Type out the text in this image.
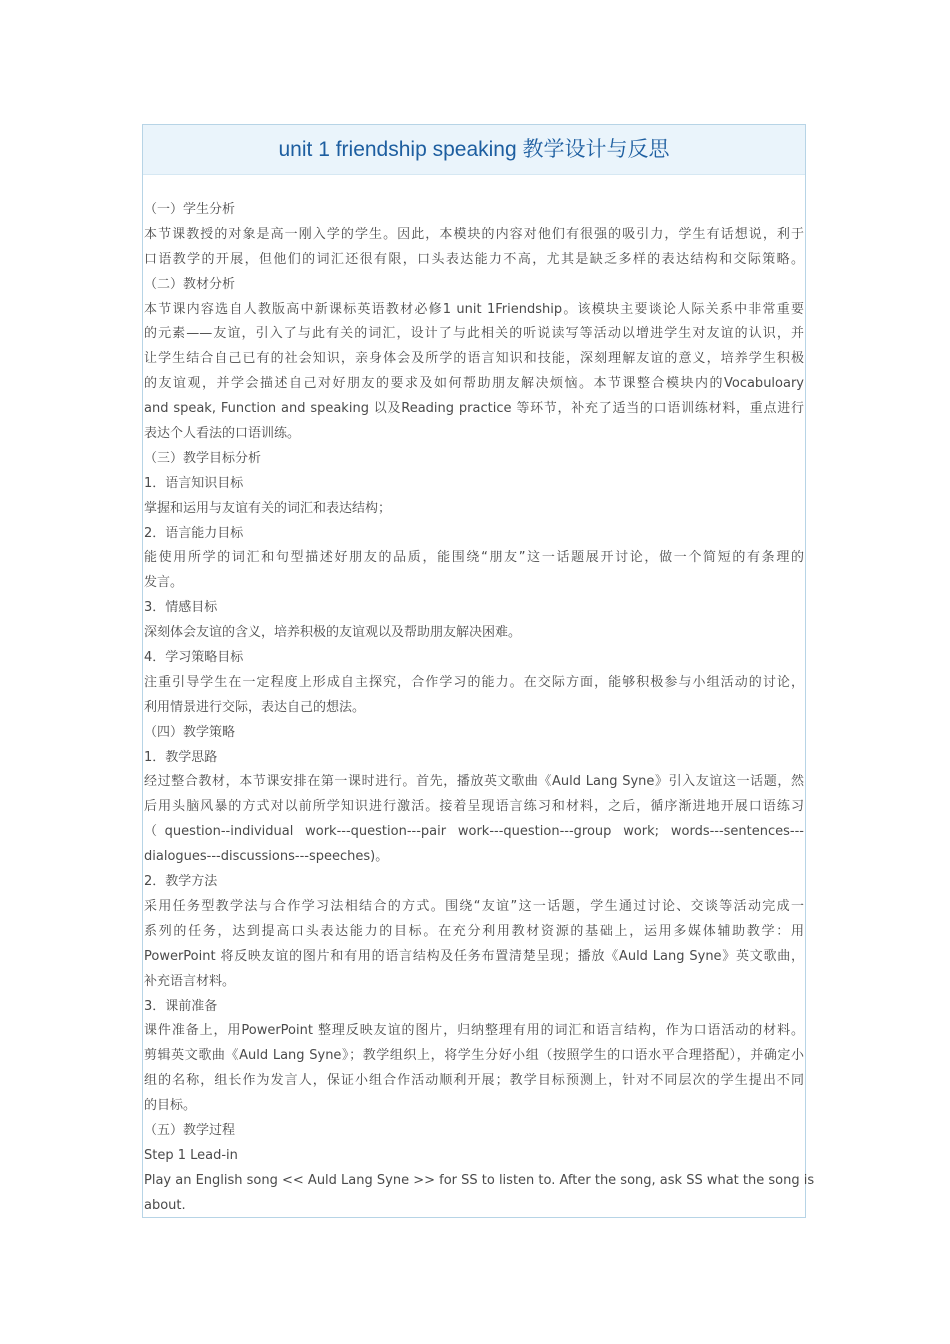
unit 1 friendship speaking 教学设计与反思
（一）学生分析
本节课教授的对象是高一刚入学的学生。因此，本模块的内容对他们有很强的吸引力，学生有话想说，利于
口语教学的开展，但他们的词汇还很有限，口头表达能力不高，尤其是缺乏多样的表达结构和交际策略。
（二）教材分析
本节课内容选自人教版高中新课标英语教材必修1 unit 1Friendship。该模块主要谈论人际关系中非常重要
的元素——友谊，引入了与此有关的词汇，设计了与此相关的听说读写等活动以增进学生对友谊的认识，并
让学生结合自己已有的社会知识，亲身体会及所学的语言知识和技能，深刻理解友谊的意义，培养学生积极
的友谊观，并学会描述自己对好朋友的要求及如何帮助朋友解决烦恼。本节课整合模块内的Vocabuloary
and speak, Function and speaking 以及Reading practice 等环节，补充了适当的口语训练材料，重点进行
表达个人看法的口语训练。
（三）教学目标分析
1．语言知识目标
掌握和运用与友谊有关的词汇和表达结构；
2．语言能力目标
能使用所学的词汇和句型描述好朋友的品质，能围绕“朋友”这一话题展开讨论，做一个简短的有条理的
发言。
3．情感目标
深刻体会友谊的含义，培养积极的友谊观以及帮助朋友解决困难。
4．学习策略目标
注重引导学生在一定程度上形成自主探究，合作学习的能力。在交际方面，能够积极参与小组活动的讨论，
利用情景进行交际，表达自己的想法。
（四）教学策略
1．教学思路
经过整合教材，本节课安排在第一课时进行。首先，播放英文歌曲《Auld Lang Syne》引入友谊这一话题，然
后用头脑风暴的方式对以前所学知识进行激活。接着呈现语言练习和材料，之后，循序渐进地开展口语练习
（question--individual work---question---pair work---question---group work; words---sentences---
dialogues---discussions---speeches)。
2．教学方法
采用任务型教学法与合作学习法相结合的方式。围绕“友谊”这一话题，学生通过讨论、交谈等活动完成一
系列的任务，达到提高口头表达能力的目标。在充分利用教材资源的基础上，运用多媒体辅助教学：用
PowerPoint 将反映友谊的图片和有用的语言结构及任务布置清楚呈现；播放《Auld Lang Syne》英文歌曲，
补充语言材料。
3．课前准备
课件准备上，用PowerPoint 整理反映友谊的图片，归纳整理有用的词汇和语言结构，作为口语活动的材料。
剪辑英文歌曲《Auld Lang Syne》；教学组织上，将学生分好小组（按照学生的口语水平合理搭配），并确定小
组的名称，组长作为发言人，保证小组合作活动顺利开展；教学目标预测上，针对不同层次的学生提出不同
的目标。
（五）教学过程
Step 1 Lead-in
Play an English song << Auld Lang Syne >> for SS to listen to. After the song, ask SS what the song is
about.
